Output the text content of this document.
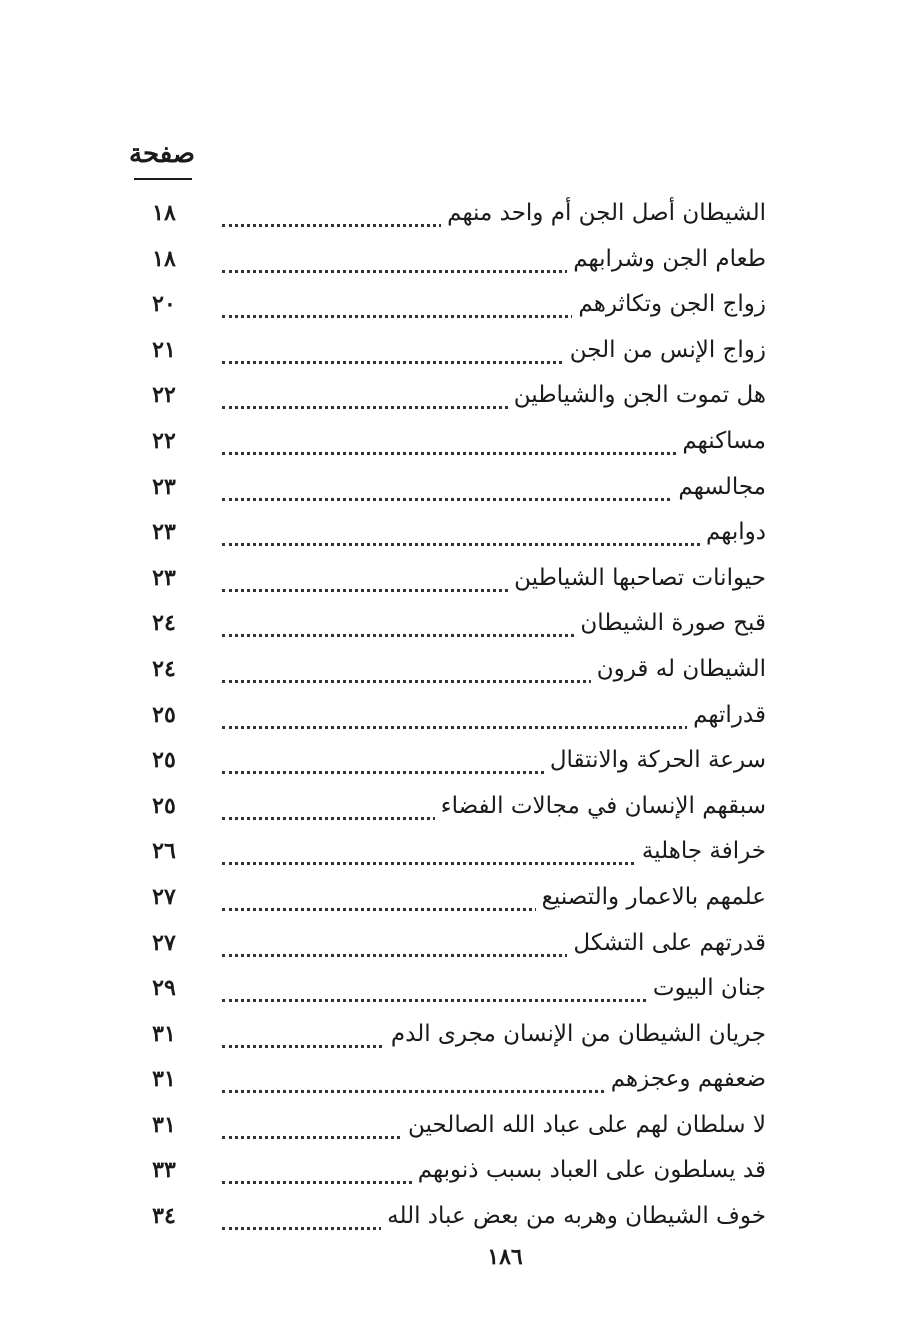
صفحة
الشيطان أصل الجن أم واحد منهم
١٨
طعام الجن وشرابهم
١٨
زواج الجن وتكاثرهم
٢٠
زواج الإنس من الجن
٢١
هل تموت الجن والشياطين
٢٢
مساكنهم
٢٢
مجالسهم
٢٣
دوابهم
٢٣
حيوانات تصاحبها الشياطين
٢٣
قبح صورة الشيطان
٢٤
الشيطان له قرون
٢٤
قدراتهم
٢٥
سرعة الحركة والانتقال
٢٥
سبقهم الإنسان في مجالات الفضاء
٢٥
خرافة جاهلية
٢٦
علمهم بالاعمار والتصنيع
٢٧
قدرتهم على التشكل
٢٧
جنان البيوت
٢٩
جريان الشيطان من الإنسان مجرى الدم
٣١
ضعفهم وعجزهم
٣١
لا سلطان لهم على عباد الله الصالحين
٣١
قد يسلطون على العباد بسبب ذنوبهم
٣٣
خوف الشيطان وهربه من بعض عباد الله
٣٤
١٨٦
